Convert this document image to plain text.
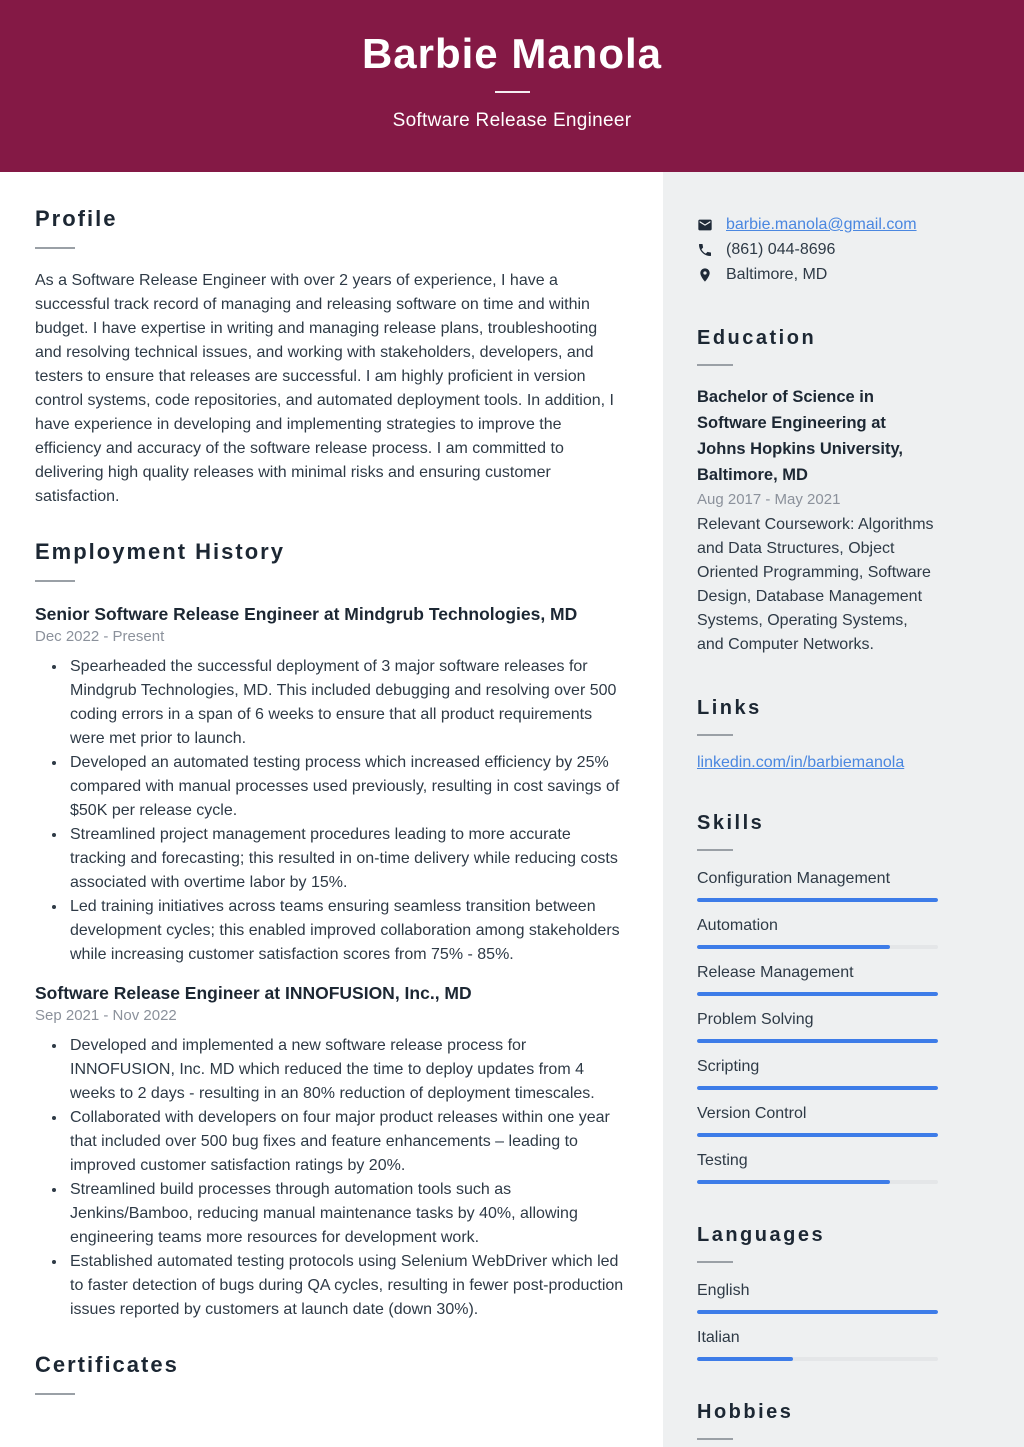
Barbie Manola
Software Release Engineer
Profile
As a Software Release Engineer with over 2 years of experience, I have a successful track record of managing and releasing software on time and within budget. I have expertise in writing and managing release plans, troubleshooting and resolving technical issues, and working with stakeholders, developers, and testers to ensure that releases are successful. I am highly proficient in version control systems, code repositories, and automated deployment tools. In addition, I have experience in developing and implementing strategies to improve the efficiency and accuracy of the software release process. I am committed to delivering high quality releases with minimal risks and ensuring customer satisfaction.
Employment History
Senior Software Release Engineer at Mindgrub Technologies, MD
Dec 2022 - Present
• Spearheaded the successful deployment of 3 major software releases for Mindgrub Technologies, MD. This included debugging and resolving over 500 coding errors in a span of 6 weeks to ensure that all product requirements were met prior to launch.
• Developed an automated testing process which increased efficiency by 25% compared with manual processes used previously, resulting in cost savings of $50K per release cycle.
• Streamlined project management procedures leading to more accurate tracking and forecasting; this resulted in on-time delivery while reducing costs associated with overtime labor by 15%.
• Led training initiatives across teams ensuring seamless transition between development cycles; this enabled improved collaboration among stakeholders while increasing customer satisfaction scores from 75% - 85%.
Software Release Engineer at INNOFUSION, Inc., MD
Sep 2021 - Nov 2022
• Developed and implemented a new software release process for INNOFUSION, Inc. MD which reduced the time to deploy updates from 4 weeks to 2 days - resulting in an 80% reduction of deployment timescales.
• Collaborated with developers on four major product releases within one year that included over 500 bug fixes and feature enhancements – leading to improved customer satisfaction ratings by 20%.
• Streamlined build processes through automation tools such as Jenkins/Bamboo, reducing manual maintenance tasks by 40%, allowing engineering teams more resources for development work.
• Established automated testing protocols using Selenium WebDriver which led to faster detection of bugs during QA cycles, resulting in fewer post-production issues reported by customers at launch date (down 30%).
Certificates
barbie.manola@gmail.com
(861) 044-8696
Baltimore, MD
Education
Bachelor of Science in Software Engineering at Johns Hopkins University, Baltimore, MD
Aug 2017 - May 2021
Relevant Coursework: Algorithms and Data Structures, Object Oriented Programming, Software Design, Database Management Systems, Operating Systems, and Computer Networks.
Links
linkedin.com/in/barbiemanola
Skills
Configuration Management
Automation
Release Management
Problem Solving
Scripting
Version Control
Testing
Languages
English
Italian
Hobbies
